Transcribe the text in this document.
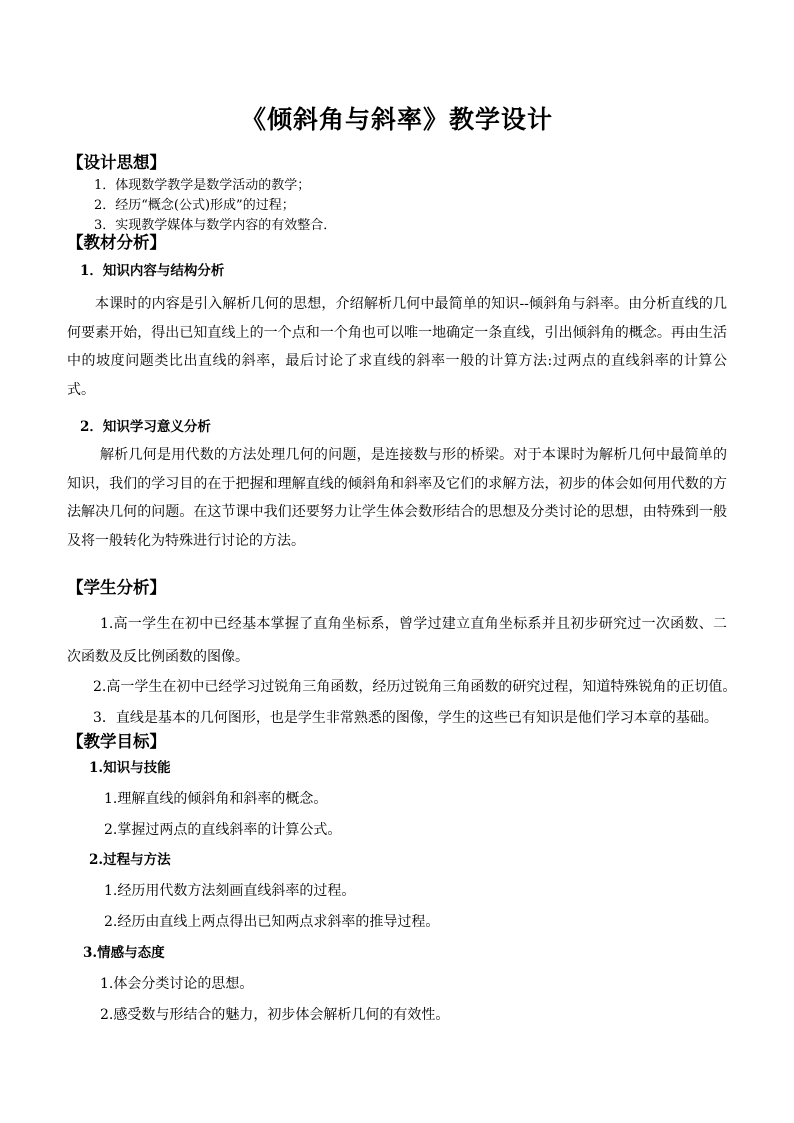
《倾斜角与斜率》教学设计
【设计思想】
1．体现数学教学是数学活动的教学；
2．经历“概念(公式)形成”的过程；
3．实现教学媒体与数学内容的有效整合．
【教材分析】
1．知识内容与结构分析
本课时的内容是引入解析几何的思想，介绍解析几何中最简单的知识--倾斜角与斜率。由分析直线的几何要素开始，得出已知直线上的一个点和一个角也可以唯一地确定一条直线，引出倾斜角的概念。再由生活中的坡度问题类比出直线的斜率，最后讨论了求直线的斜率一般的计算方法:过两点的直线斜率的计算公式。
2．知识学习意义分析
解析几何是用代数的方法处理几何的问题，是连接数与形的桥梁。对于本课时为解析几何中最简单的知识，我们的学习目的在于把握和理解直线的倾斜角和斜率及它们的求解方法，初步的体会如何用代数的方法解决几何的问题。在这节课中我们还要努力让学生体会数形结合的思想及分类讨论的思想，由特殊到一般及将一般转化为特殊进行讨论的方法。
【学生分析】
1.高一学生在初中已经基本掌握了直角坐标系，曾学过建立直角坐标系并且初步研究过一次函数、二次函数及反比例函数的图像。
2.高一学生在初中已经学习过锐角三角函数，经历过锐角三角函数的研究过程，知道特殊锐角的正切值。
3．直线是基本的几何图形，也是学生非常熟悉的图像，学生的这些已有知识是他们学习本章的基础。
【教学目标】
1.知识与技能
1.理解直线的倾斜角和斜率的概念。
2.掌握过两点的直线斜率的计算公式。
2.过程与方法
1.经历用代数方法刻画直线斜率的过程。
2.经历由直线上两点得出已知两点求斜率的推导过程。
3.情感与态度
1.体会分类讨论的思想。
2.感受数与形结合的魅力，初步体会解析几何的有效性。
